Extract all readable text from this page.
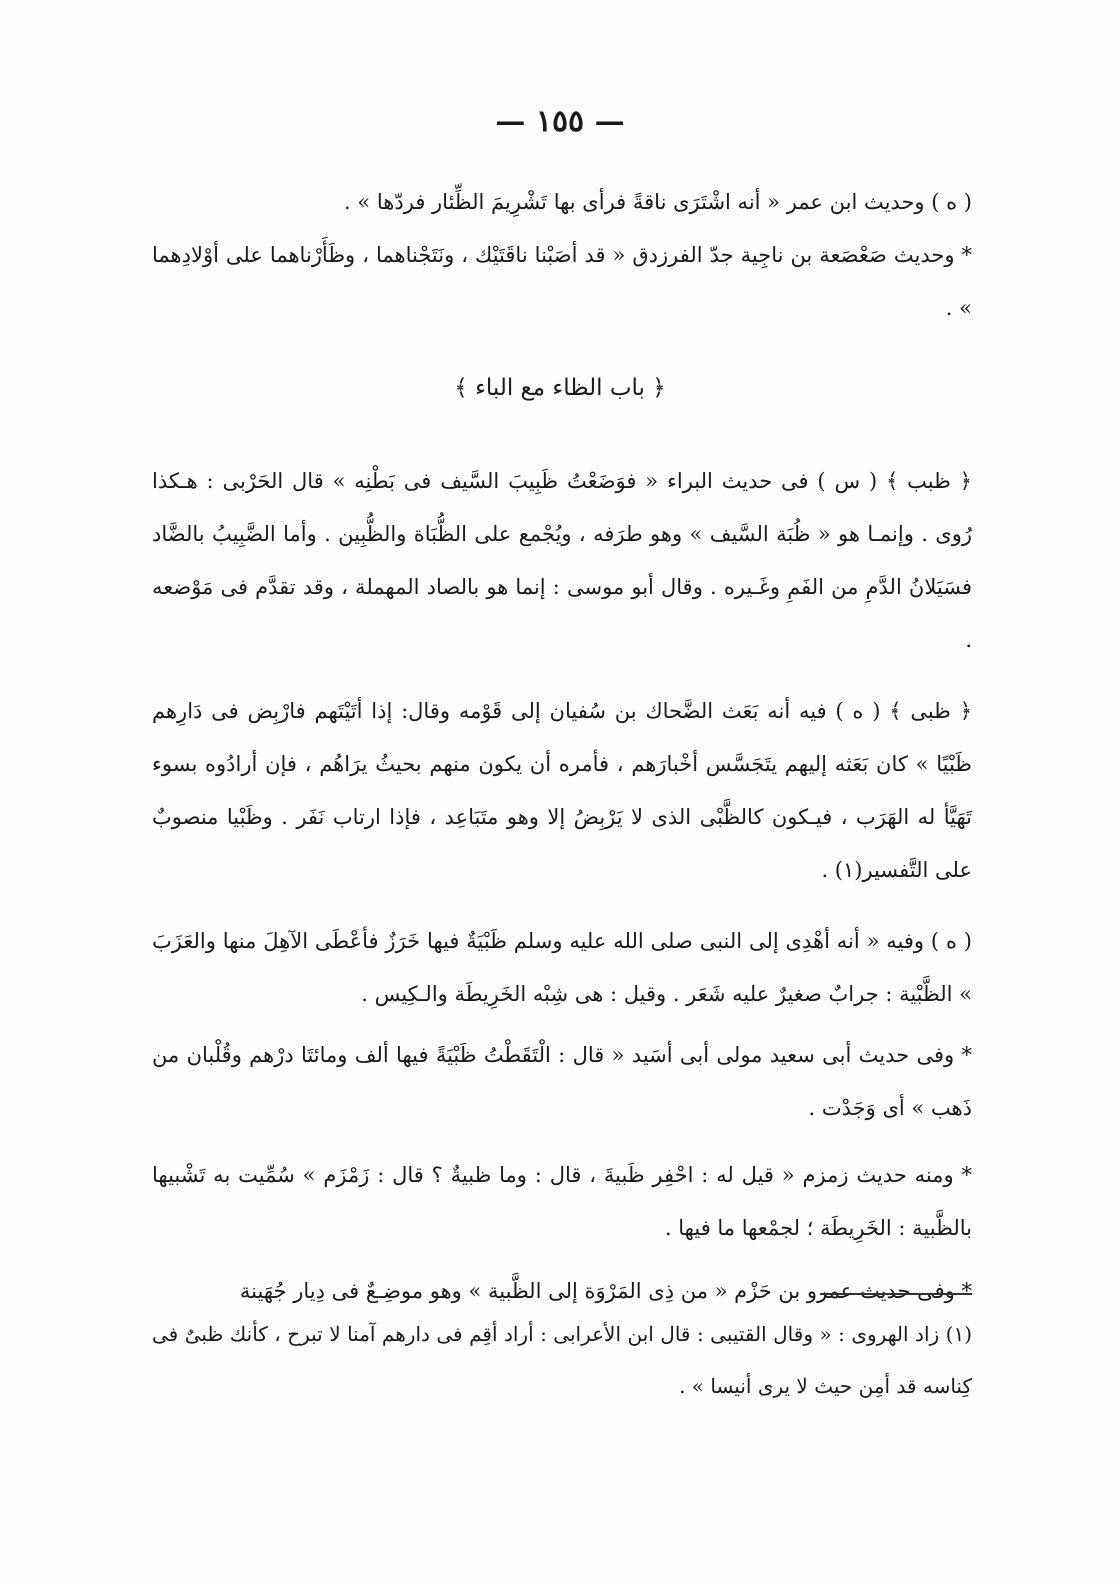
— ١٥٥ —

( ه ) وحديث ابن عمر « أنه اشْتَرَى ناقةً فرأى بها تَشْرِيمَ الظِّئار فردّها » .

* وحديث صَعْصَعة بن ناجِية جدّ الفرزدق « قد أصَبْنا ناقَتَيْك ، ونَتَجْناهما ، وظَأَرْناهما على أوْلادِهما » .

﴿ باب الظاء مع الباء ﴾

﴿ ظبب ﴾ ( س ) فى حديث البراء « فوَضَعْتُ ظَبِيبَ السَّيف فى بَطْنِه » قال الحَرْبى : هـكذا رُوى . وإنمـا هو « ظُبَة السَّيف » وهو طرَفه ، ويُجْمع على الظُّبَاة والظُّبِين . وأما الضَّبِيبُ بالضَّاد فسَيَلانُ الدَّمِ من الفَمِ وغَـيره . وقال أبو موسى : إنما هو بالصاد المهملة ، وقد تقدَّم فى مَوْضعه .

﴿ ظبى ﴾ ( ه ) فيه أنه بَعَث الضَّحاك بن سُفيان إلى قَوْمه وقال: إذا أتَيْتَهم فارْبِض فى دَارِهم ظَبْيًا » كان بَعَثه إليهم يتَجَسَّس أخْبارَهم ، فأمره أن يكون منهم بحيثُ يرَاهُم ، فإن أرادُوه بسوء تَهَيَّأ له الهَرَب ، فيـكون كالظَّبْى الذى لا يَرْبِضُ إلا وهو متَبَاعِد ، فإذا ارتاب نَفَر . وظَبْيا منصوبٌ على التَّفسير(١) .

( ه ) وفيه « أنه أهْدِى إلى النبى صلى الله عليه وسلم ظَبْيَةٌ فيها خَرَزٌ فأعْطَى الآهِلَ منها والعَزَبَ » الظَّبْية : جرابٌ صغيرٌ عليه شَعَر . وقيل : هى شِبْه الخَرِيطَة والـكِيس .

* وفى حديث أبى سعيد مولى أبى أسَيد « قال : الْتَقَطْتُ ظَبْيَةً فيها ألف ومائتَا درْهم وقُلْبان من ذَهب » أى وَجَدْت .

* ومنه حديث زمزم « قيل له : احْفِر ظَبيةَ ، قال : وما ظبيةٌ ؟ قال : زَمْزَم » سُمِّيت به تَشْبيها بالظَّبية : الخَرِيطَة ؛ لجمْعها ما فيها .

* وفى حديث عمرو بن حَزْم « من ذِى المَرْوَة إلى الظَّبية » وهو موضِـعٌ فى دِيار جُهَينة

(١) زاد الهروى : « وقال القتيبى : قال ابن الأعرابى : أراد أقِم فى دارهم آمنا لا تبرح ، كأنك ظبىٌ فى كِناسه قد أمِن حيث لا يرى أنيسا » .
